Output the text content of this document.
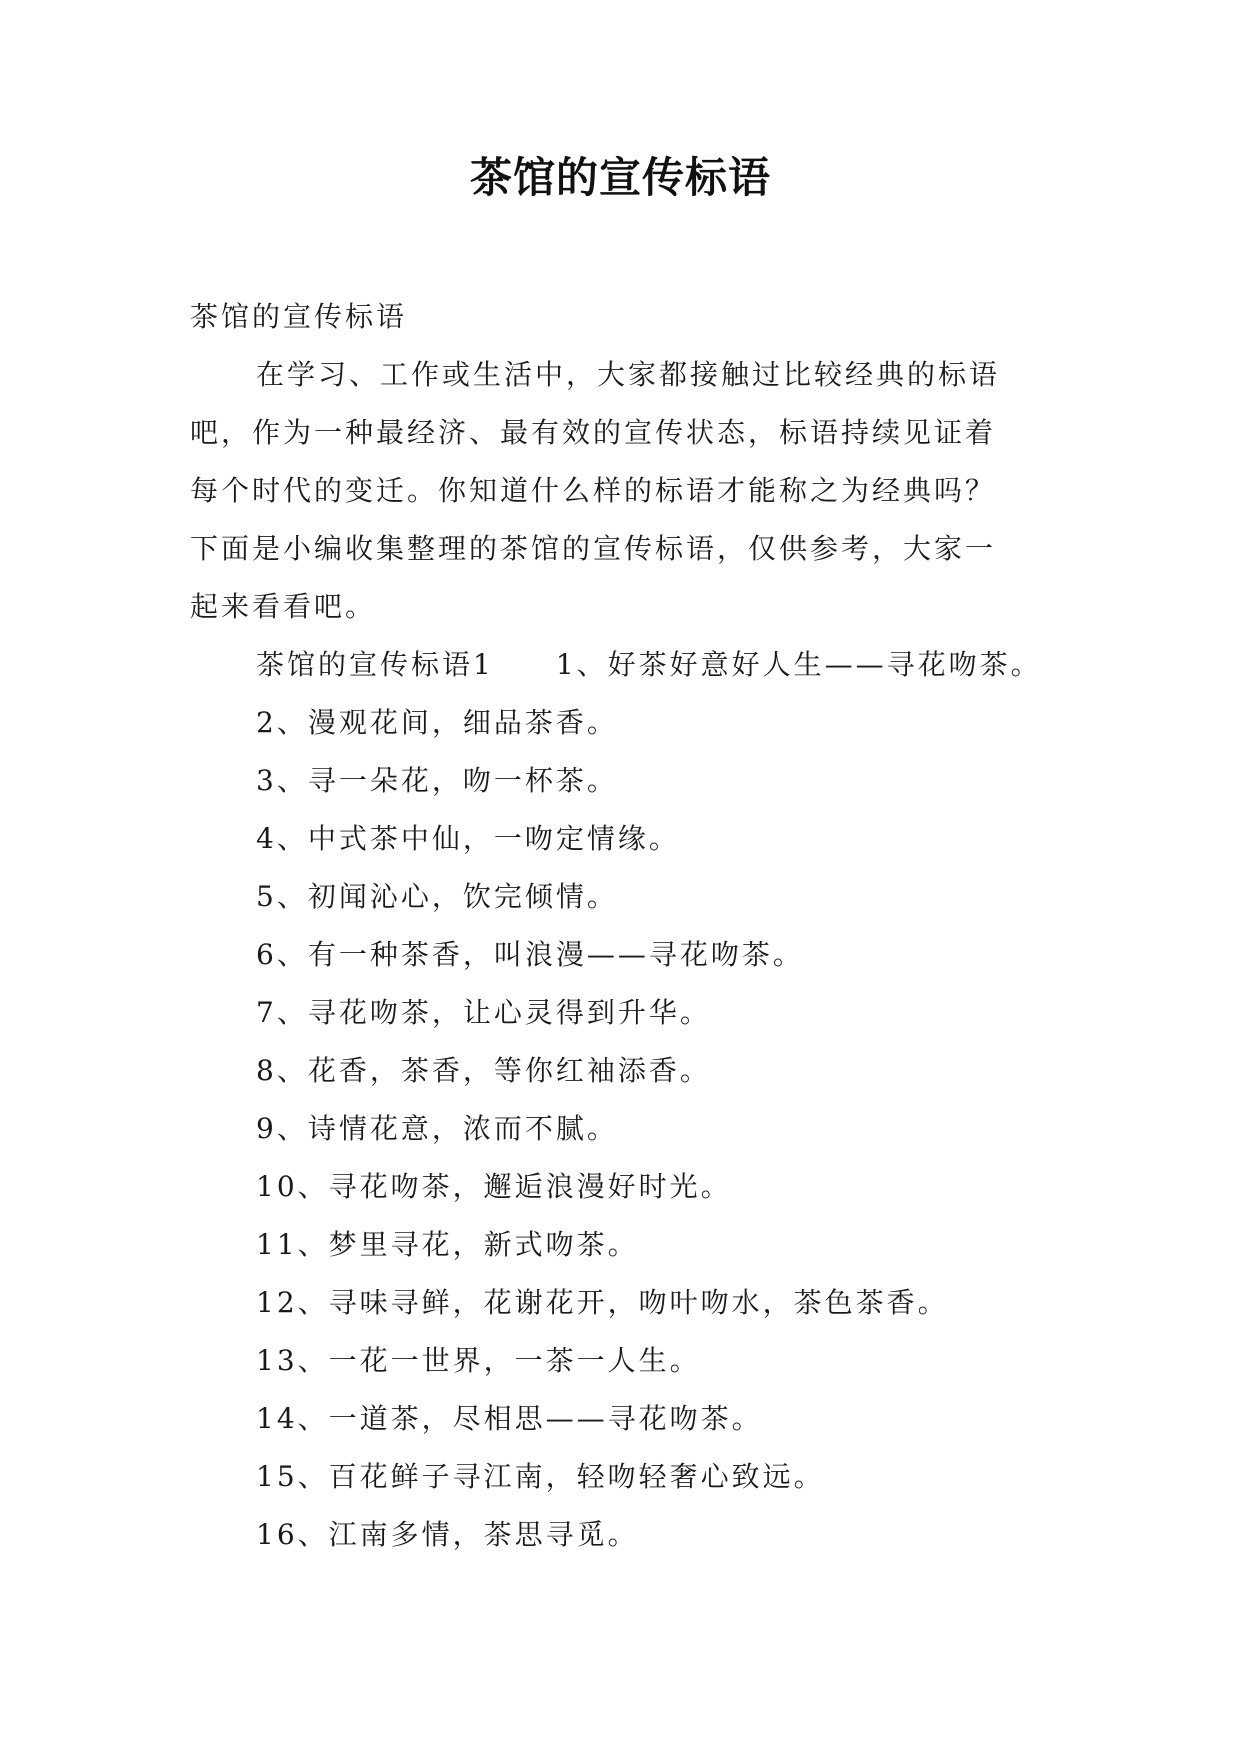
茶馆的宣传标语
茶馆的宣传标语
在学习、工作或生活中，大家都接触过比较经典的标语
吧，作为一种最经济、最有效的宣传状态，标语持续见证着
每个时代的变迁。你知道什么样的标语才能称之为经典吗？
下面是小编收集整理的茶馆的宣传标语，仅供参考，大家一
起来看看吧。
茶馆的宣传标语1　　1、好茶好意好人生——寻花吻茶。
2、漫观花间，细品茶香。
3、寻一朵花，吻一杯茶。
4、中式茶中仙，一吻定情缘。
5、初闻沁心，饮完倾情。
6、有一种茶香，叫浪漫——寻花吻茶。
7、寻花吻茶，让心灵得到升华。
8、花香，茶香，等你红袖添香。
9、诗情花意，浓而不腻。
10、寻花吻茶，邂逅浪漫好时光。
11、梦里寻花，新式吻茶。
12、寻味寻鲜，花谢花开，吻叶吻水，茶色茶香。
13、一花一世界，一茶一人生。
14、一道茶，尽相思——寻花吻茶。
15、百花鲜子寻江南，轻吻轻奢心致远。
16、江南多情，茶思寻觅。
